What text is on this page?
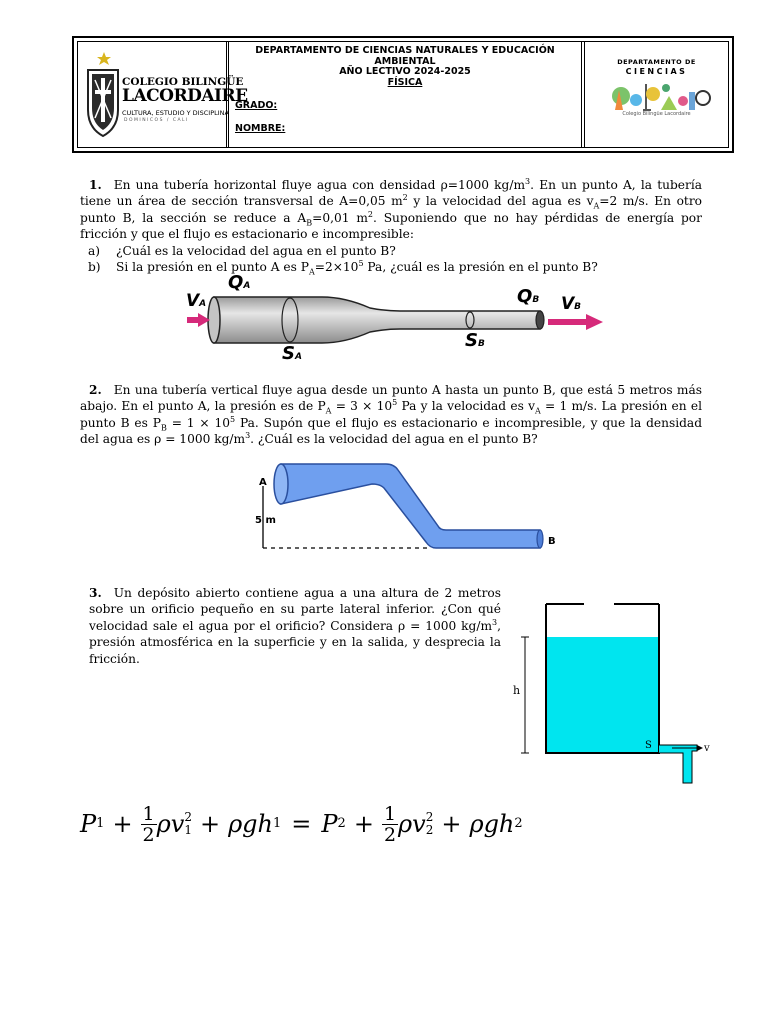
COLEGIO BILINGÜE
LACORDAIRE
CULTURA, ESTUDIO Y DISCIPLINA
DOMINICOS / CALI
DEPARTAMENTO DE CIENCIAS NATURALES Y EDUCACIÓN
AMBIENTAL
AÑO LECTIVO 2024-2025
FÍSICA
GRADO:
NOMBRE:
DEPARTAMENTO DE
CIENCIAS
Colegio Bilingüe Lacordaire
1. En una tubería horizontal fluye agua con densidad ρ=1000 $kg/m^3$. En un punto A, la tubería tiene un área de sección transversal de A=0,05 $m^2$ y la velocidad del agua es $v_A=2$ m/s. En otro punto B, la sección se reduce a $A_B=0,01$ $m^2$. Suponiendo que no hay pérdidas de energía por fricción y que el flujo es estacionario e incompresible:
a)	¿Cuál es la velocidad del agua en el punto B?
b)	Si la presión en el punto A es $P_A=2\times 10^5$ Pa, ¿cuál es la presión en el punto B?
VA
QA
SA
SB
QB VB
2. En una tubería vertical fluye agua desde un punto A hasta un punto B, que está 5 metros más abajo. En el punto A, la presión es de $P_A = 3 \times 10^5$ Pa y la velocidad es $v_A = 1$ m/s. La presión en el punto B es $P_B = 1 \times 10^5$ Pa. Supón que el flujo es estacionario e incompresible, y que la densidad del agua es ρ = 1000 $kg/m^3$. ¿Cuál es la velocidad del agua en el punto B?
A
5 m
B
3. Un depósito abierto contiene agua a una altura de 2 metros sobre un orificio pequeño en su parte lateral inferior. ¿Con qué velocidad sale el agua por el orificio? Considera ρ = 1000 $kg/m^3$, presión atmosférica en la superficie y en la salida, y desprecia la fricción.
h
S	v
P $1 + \frac{1}{2}$ ρv 2
1 + ρgh 1 = P $2 + \frac{1}{2}$ ρv 2
2 + ρgh 2
